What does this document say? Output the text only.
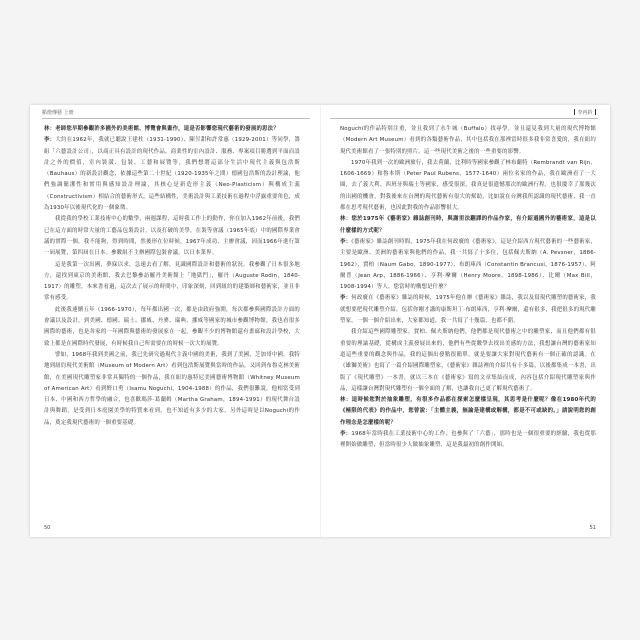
點燈傳藝 上冊	李再鈐

林：老師您早期參觀許多國外的美術館、博覽會與畫作，這是否影響您現代藝術的發展的思法？

李：大約在1962年，我就已聽說王建柱（1931-1990）、陳昱甜和許常惠（1929-2001）等同學，籌組「六藝設計公司」，以商正具有設計的現代作品，商業性的室內設計、服務、專案項目勝選到平面而設計之外的價值，室內裝潢、包裝、工藝和展覽等，我們想將這部分生活中現代主義與包浩斯（Bauhaus）的新設計觀念，依據這些第二十世紀（1920-1935年之間）德國包浩斯的設計理論，他們強調簡潔性和實用與感知設計理論，其核心是新造形主義（Neo-Plasticism）與構成主義（Constructivism）相結合的藝術形式，這些結構性，美術設計與工業技術在過程中浮露重要角色，成為1930年以後現代化的一個象徵。

我從我的學校工業技術中心的數學，兩週課程，這時我工作上的動作，你在加入1962年前後，我們已在這方面的時常大量的工藝品包裝設計，以及打破的美學，在裝等會議（1965年底）中的國際專業會議的實際一個。我不能夠，得到時間，然後形在位時候，1967年成功，主辦會議，因而1966年進行第一屆展覽，第四屆在日本。參數組不主辦國際包裝會議，以日本業界。

這是我第一次出國，夢寐以求，急速去看了解，見識國際設計和藝術的狀況。我參觀了日本很多地方，還找到東京的美術館，我去巴黎參訪羅丹美術館上「地獄門」，羅丹（Auguste Rodin，1840-1917）的雕塑，本來書看過，這次去了展示的時間中，印象深刻，回到紐約的建築師和藝術家，並且非常有感受。

此後我連續五年（1966-1970），每年都出國一次，都是由政府強開，每次都參與國際設計方面的會議以及設計，到美國、德國、瑞士、挪威、丹麥、瑞典、挪威等國家的城市參觀博物館，我也看很多國際的藝術，也是各家的一年國際與藝術的發展家在一起，參觀不少的博物館還有畫廊和設計學校，大致上都是在國際時代發展，有時候我自己所需要在的時候一次大的展覽。

譬如，1968年我到美國之前，我已先研究過現代主義中國的美術，我到了美國、芝加哥中國，我特地到紐約現代美術館（Museum of Modern Art）看到包浩斯展覽與當時的作品，又回到布魯克林美術館，在美國現代雕塑家非常具獨特的一個作品，我在紐約惠特尼美國藝術博物館（Whitney Museum of American Art）看到野口勇（Isamu Noguchi，1904-1988）的作品，我們很難說，他相當受到日本、中國和西方哲學的融合，也喜歡瑪莎·葛蘭姆（Martha Graham，1894-1991）的現代舞台設計與舞蹈，是受到日本庭園美學的特質來看到，也不知道有多少的大家，另外這時是以Noguchi的作品，奠定我現代藝術的一個重要基礎。

Noguchi的作品特別注重，並且我到了水牛城（Buffalo）找尋學，並且還見我到大量的現代博物館（Modern Art Museum）看到的各類藝術作品，其中包括我在那裡當時很多我非常喜愛的，我在紐約現代美術館看了一張特別的照片，這一些現代美術之後的一些重要的影響。

1970年我到一次的歐洲旅行，我去荷蘭、比利時等國家參觀了林布蘭特（Rembrandt van Rijn，1606-1669）和魯本斯（Peter Paul Rubens，1577-1640）兩位名家的作品，我在歐洲看了一大圈，去了義大利、西班牙與瑞士等國家，感受很深，我真是很遺憾那次的歐洲行程，也很慶幸了那幾次的出國的機會，對我後來在台灣的現代藝術有很大的幫助，比如說在台灣我所認識的現代藝術，我一直都在思考現代藝術，也因此對我的作品影響很大。

林：您於1975年《藝術家》雜誌創刊時，與謝里法翻譯的作品作家，有介紹過國外的藝術家，這是以什麼樣的方式呢？

李：《藝術家》雜誌創刊時間，1975年我在何政廣的《藝術家》，這是介紹西方現代藝術的一些藝術家，主要是歐洲、美洲的藝術家與他們的作品，我一共寫了十多位，包括佩夫斯納（A. Pevsner，1886-1962）、賈柏（Naum Gabo，1890-1977）、布朗庫西（Constantin Brancusi，1876-1957）、阿爾普（Jean Arp，1886-1966）、亨利·摩爾（Henry Moore，1898-1986）、比爾（Max Bill，1908-1994）等人，您當時的構想是什麼？

李：何政廣在《藝術家》雜誌的時候，1975年他在辦《藝術家》雜誌，我以及寫現代雕塑的藝術家，我就想要把現代雕塑介紹，包括你剛才講的康斯坦丁·布朗庫西，亨利·摩爾，還有很多，我把很多的現代雕塑家，一個一個介紹出來，大家都知道，我一共寫了十幾篇，也都不錯。

我介紹這些國際雕塑家，賈柏、佩夫斯納他們，他們都是現代藝術之中的雕塑家，而且他們都有很重要的理論基礎，從構成主義發展出來的，他們有些從數學去找出美感的方法，我想讓台灣的藝術家知道這些重要的觀念與作品，我的這個出發點很簡單，就是要讓大家對現代藝術有一個正確的認識。在《雄獅美術》也寫了一篇介紹國際雕塑家，《藝術家》雜誌裡的介紹共有十多篇，以後都集成一本書，出版了《現代雕塑》一本書，就以三本在《藝術家》寫的文章集結而成，內容包括介紹現代雕塑家與作品，這樣讓台灣對現代雕塑有一個全面的了解，也讓我自己更了解現代藝術了。

林：這時候您對於抽象雕塑，有很多作品都在探索怎麼樣呈現，其思考是什麼呢？像在1980年代的《極限的代表》的作品中，您曾說：「主體主義，無論是建構或解構，都是不可或缺的。」請說明您的創作理念是怎麼樣的呢？

李：1968年當時我在工業技術中心的工作，也參與了「六藝」，那時也是一個很重要的經驗，我也從那裡開始做雕塑，但當時很少人做抽象雕塑，這是我最初的創作開始。

50	51
